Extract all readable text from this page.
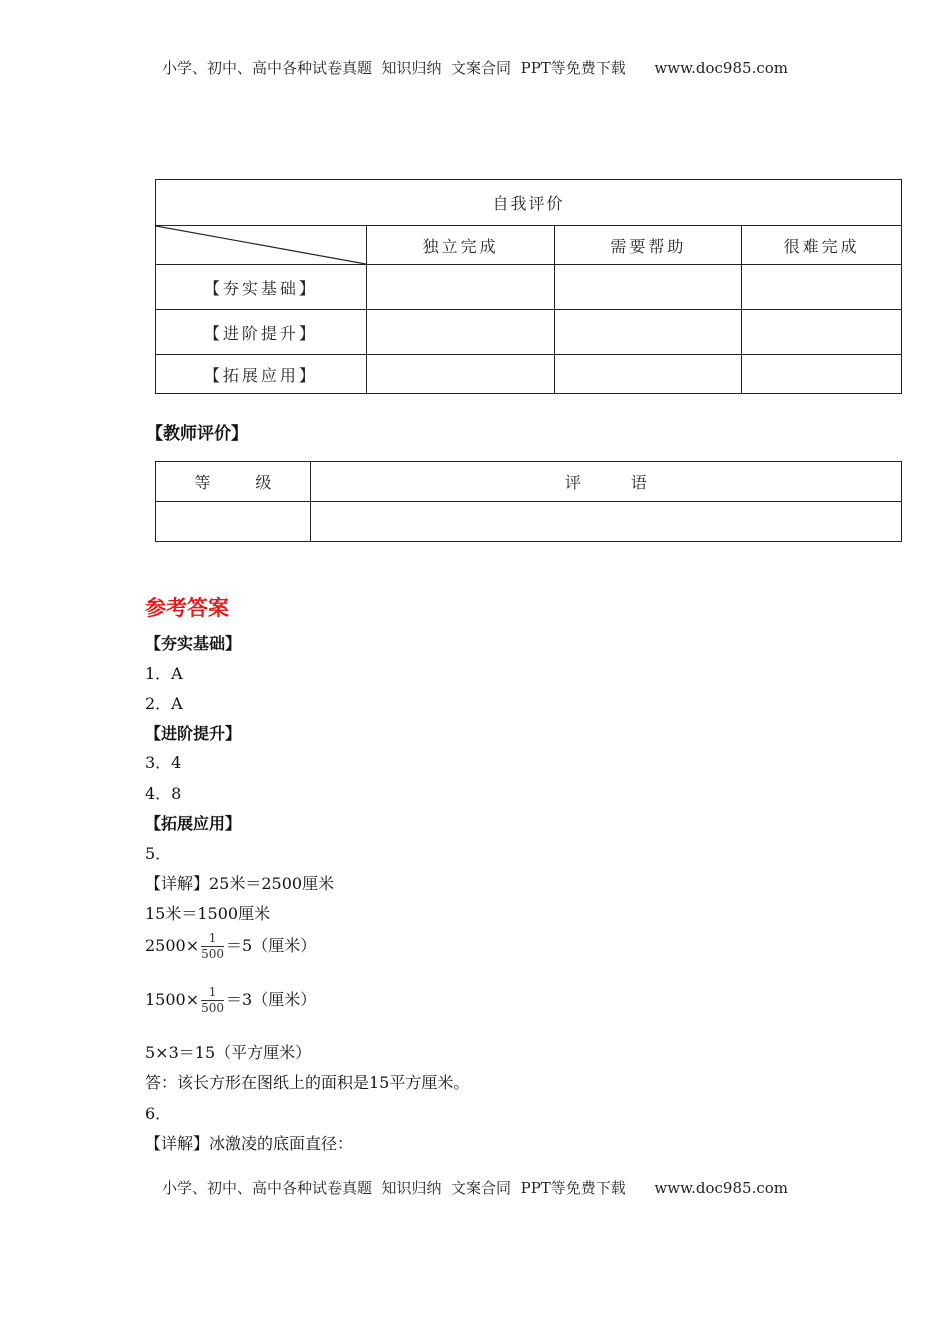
小学、初中、高中各种试卷真题  知识归纳  文案合同  PPT等免费下载      www.doc985.com
自我评价			

	独立完成	需要帮助	很难完成
【夯实基础】			
【进阶提升】			
【拓展应用】			
【教师评价】
等 级	评 语

参考答案
【夯实基础】
1．A
2．A
【进阶提升】
3．4
4．8
【拓展应用】
5．
【详解】25米＝2500厘米
15米＝1500厘米
$2500\times \frac{1}{500} =5$（厘米）
$1500\times \frac{1}{500} =3$（厘米）
5×3＝15（平方厘米）
答：该长方形在图纸上的面积是15平方厘米。
6．
【详解】冰激凌的底面直径：
小学、初中、高中各种试卷真题  知识归纳  文案合同  PPT等免费下载      www.doc985.com
